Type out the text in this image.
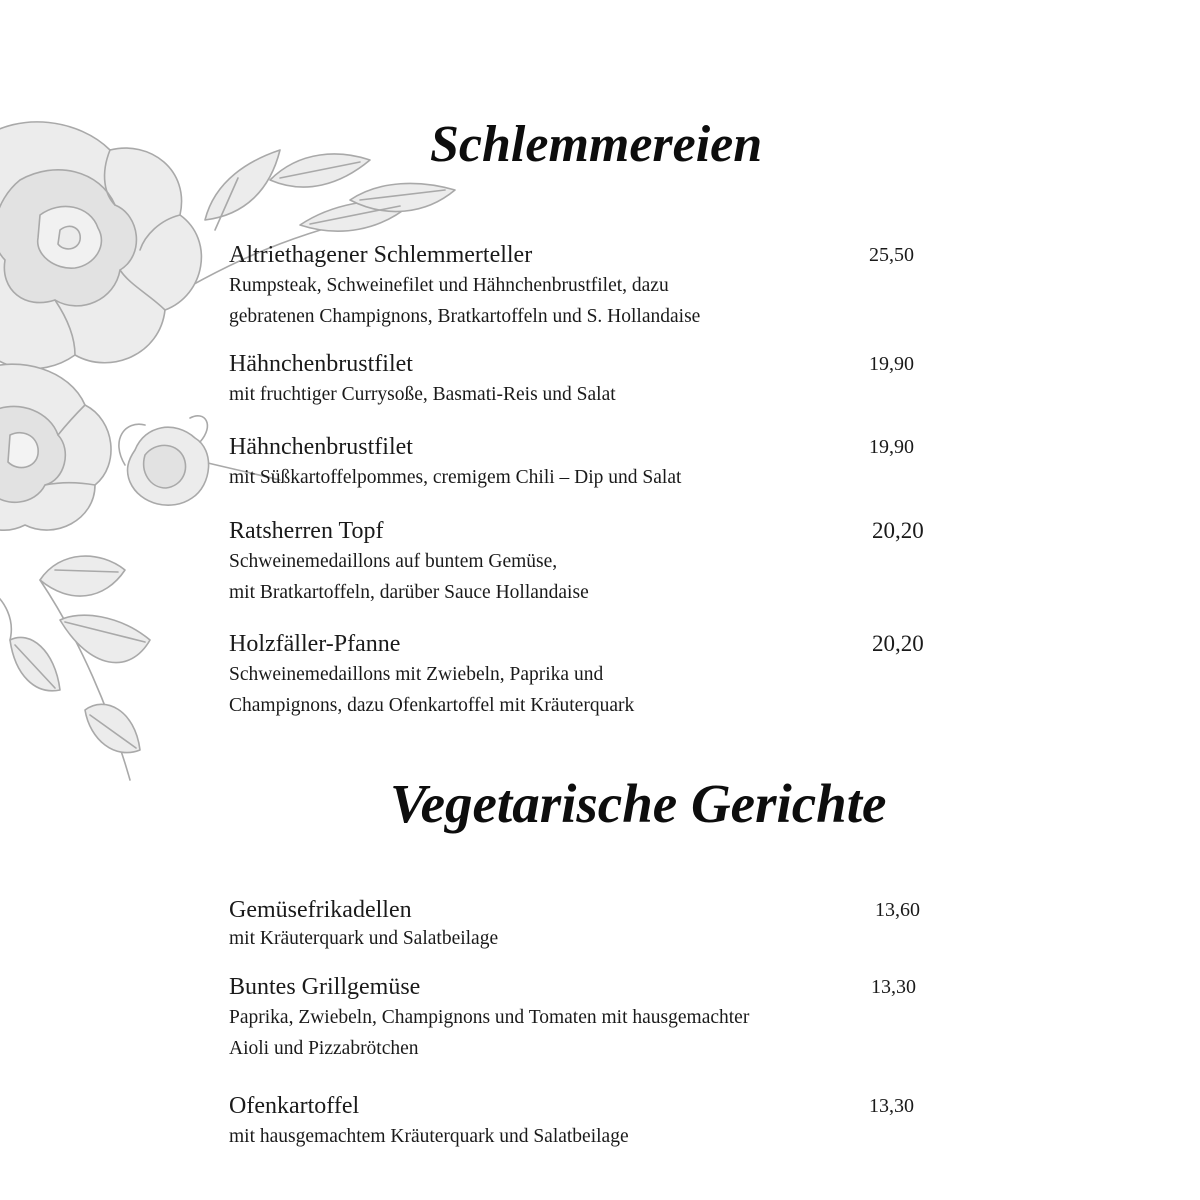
Schlemmereien
Altriethagener Schlemmerteller
Rumpsteak, Schweinefilet und Hähnchenbrustfilet, dazu
gebratenen Champignons, Bratkartoffeln und S. Hollandaise
25,50
Hähnchenbrustfilet
mit fruchtiger Currysoße, Basmati-Reis und Salat
19,90
Hähnchenbrustfilet
mit Süßkartoffelpommes, cremigem Chili – Dip und Salat
19,90
Ratsherren Topf
Schweinemedaillons auf buntem Gemüse,
mit Bratkartoffeln, darüber Sauce Hollandaise
20,20
Holzfäller-Pfanne
Schweinemedaillons mit Zwiebeln, Paprika und
Champignons, dazu Ofenkartoffel mit Kräuterquark
20,20
Vegetarische Gerichte
Gemüsefrikadellen
mit Kräuterquark und Salatbeilage
13,60
Buntes Grillgemüse
Paprika, Zwiebeln, Champignons und Tomaten mit hausgemachter
Aioli und Pizzabrötchen
13,30
Ofenkartoffel
mit hausgemachtem Kräuterquark und Salatbeilage
13,30
